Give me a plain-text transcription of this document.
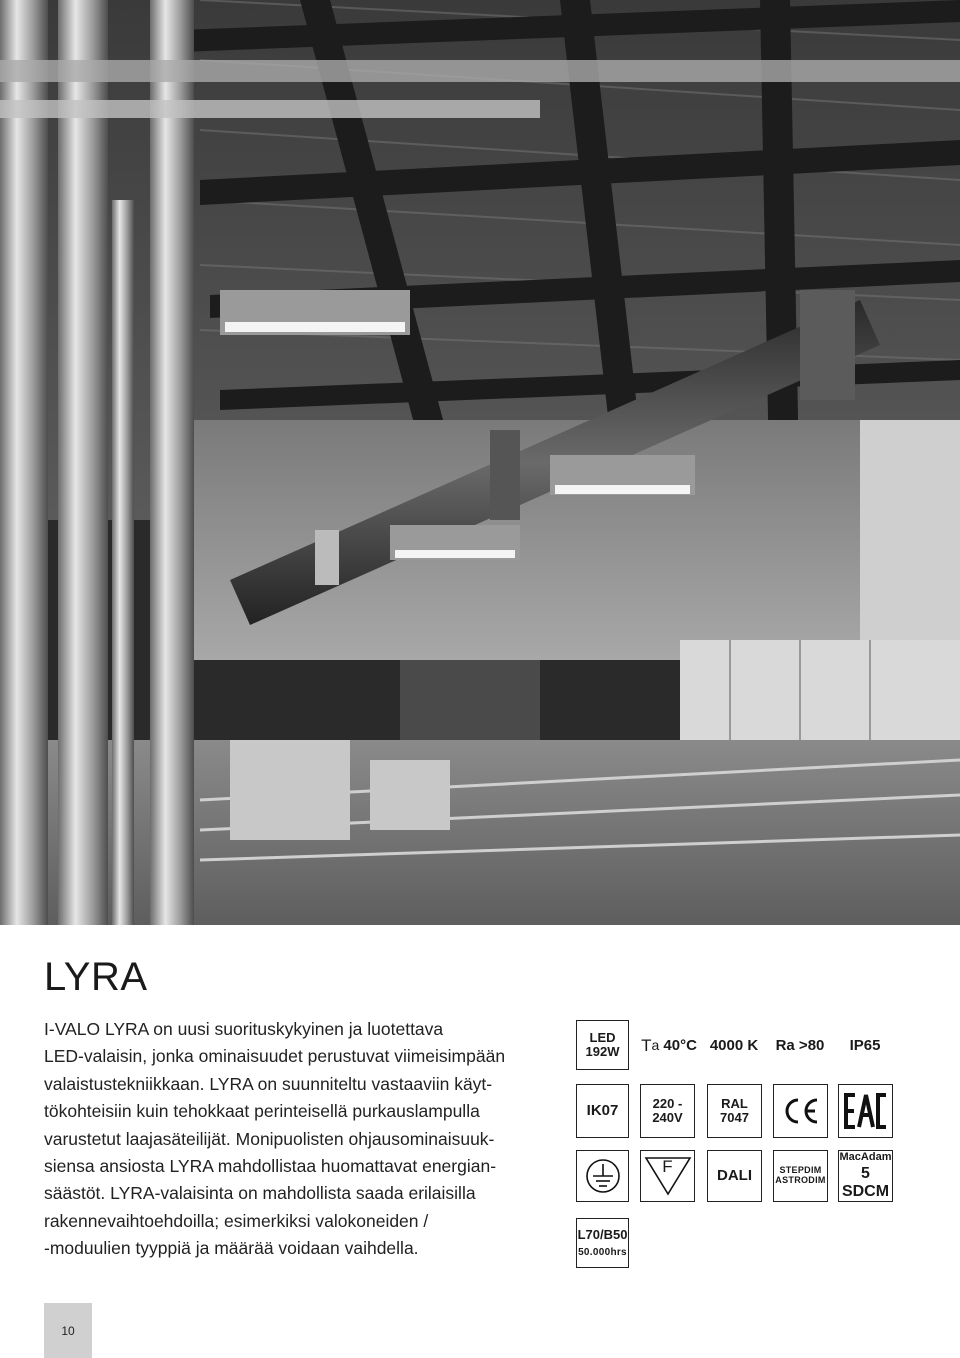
LYRA

I-VALO LYRA on uusi suorituskykyinen ja luotettava
LED-valaisin, jonka ominaisuudet perustuvat viimeisimpään
valaistustekniikkaan. LYRA on suunniteltu vastaaviin käyt-
tökohteisiin kuin tehokkaat perinteisellä purkauslampulla
varustetut laajasäteilijät. Monipuolisten ohjausominaisuuk-
siensa ansiosta LYRA mahdollistaa huomattavat energian-
säästöt. LYRA-valaisinta on mahdollista saada erilaisilla
rakennevaihtoehdoilla; esimerkiksi valokoneiden /
-moduulien tyyppiä ja määrää voidaan vaihdella.

LED
192W T a
40°C 4000 K	Ra >80	IP65
IK07	220 -
240V
RAL
7047
F	DALI	STEPDIM
ASTRODIM
MacAdam
5 SDCM
L70/B50
50.000hrs
10
